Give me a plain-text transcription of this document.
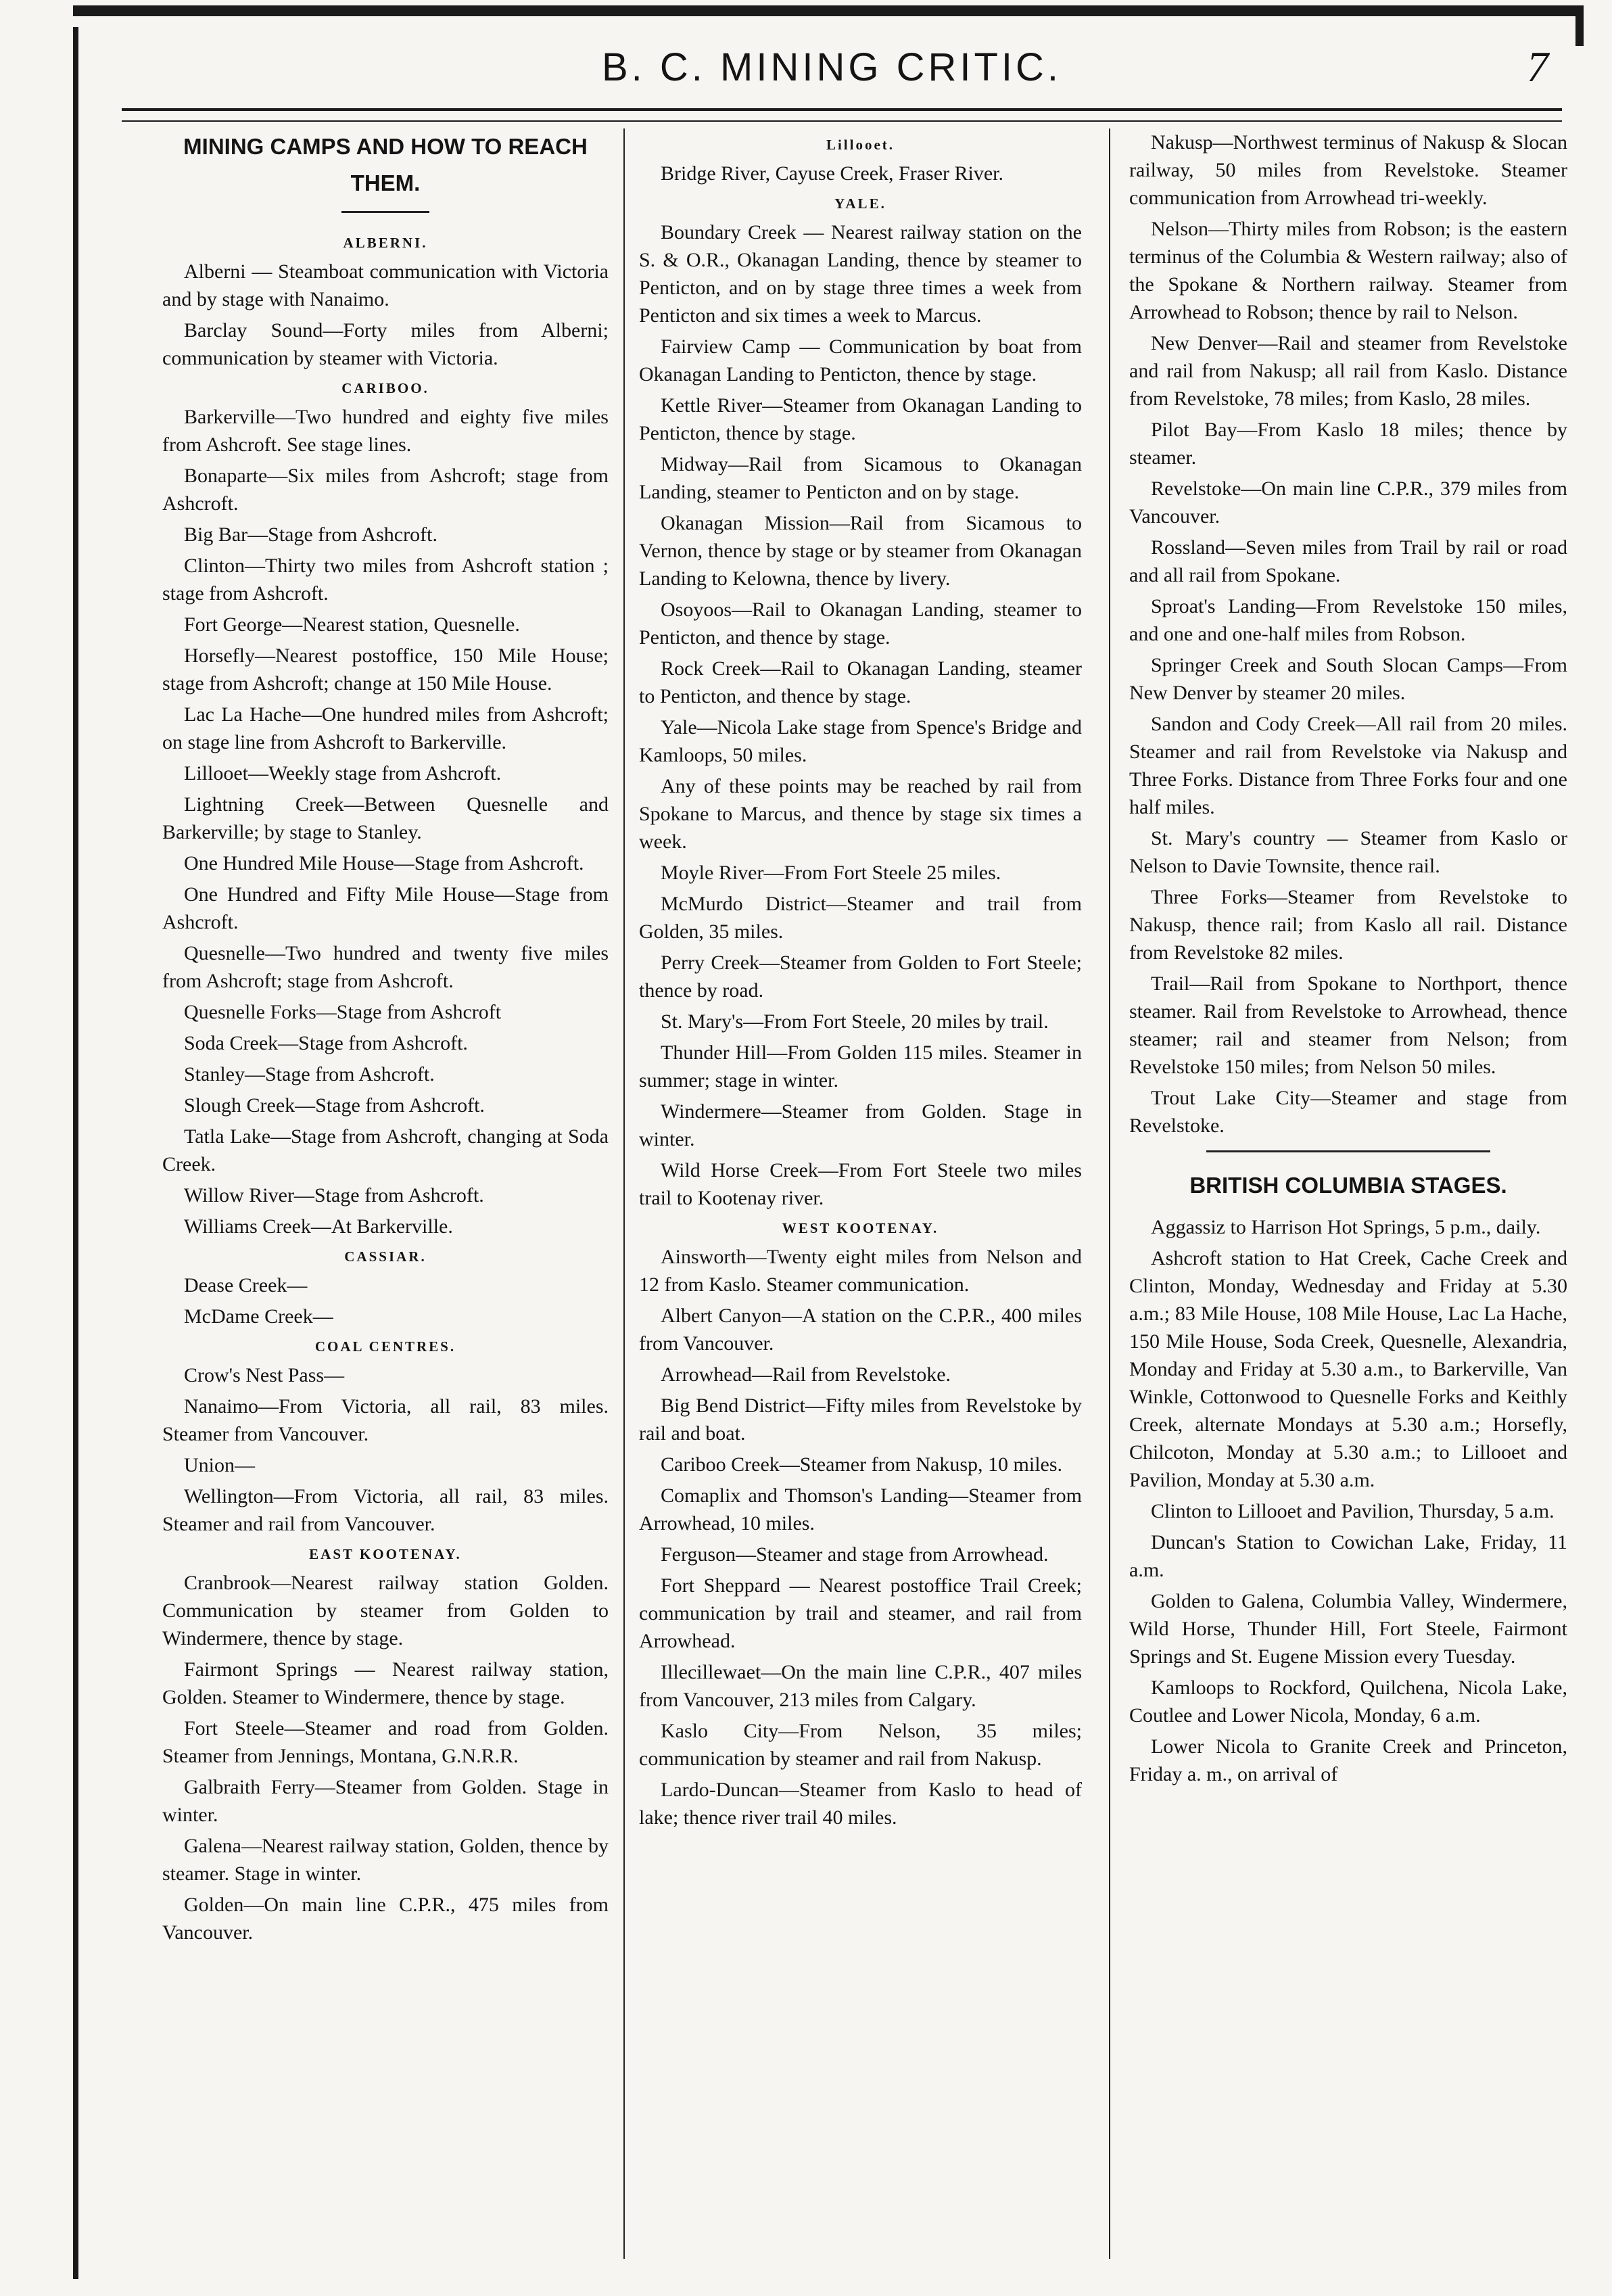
B. C. MINING CRITIC.	7
MINING CAMPS AND HOW TO REACH THEM.
ALBERNI.

Alberni — Steamboat communication with Victoria and by stage with Nanaimo.

Barclay Sound—Forty miles from Alberni; communication by steamer with Victoria.

CARIBOO.

Barkerville—Two hundred and eighty five miles from Ashcroft. See stage lines.

Bonaparte—Six miles from Ashcroft; stage from Ashcroft.

Big Bar—Stage from Ashcroft.

Clinton—Thirty two miles from Ashcroft station ; stage from Ashcroft.

Fort George—Nearest station, Quesnelle.

Horsefly—Nearest postoffice, 150 Mile House; stage from Ashcroft; change at 150 Mile House.

Lac La Hache—One hundred miles from Ashcroft; on stage line from Ashcroft to Barkerville.

Lillooet—Weekly stage from Ashcroft.

Lightning Creek—Between Quesnelle and Barkerville; by stage to Stanley.

One Hundred Mile House—Stage from Ashcroft.

One Hundred and Fifty Mile House—Stage from Ashcroft.

Quesnelle—Two hundred and twenty five miles from Ashcroft; stage from Ashcroft.

Quesnelle Forks—Stage from Ashcroft

Soda Creek—Stage from Ashcroft.

Stanley—Stage from Ashcroft.

Slough Creek—Stage from Ashcroft.

Tatla Lake—Stage from Ashcroft, changing at Soda Creek.

Willow River—Stage from Ashcroft.

Williams Creek—At Barkerville.

CASSIAR.

Dease Creek—

McDame Creek—

COAL CENTRES.

Crow's Nest Pass—

Nanaimo—From Victoria, all rail, 83 miles. Steamer from Vancouver.

Union—

Wellington—From Victoria, all rail, 83 miles. Steamer and rail from Vancouver.

EAST KOOTENAY.

Cranbrook—Nearest railway station Golden. Communication by steamer from Golden to Windermere, thence by stage.

Fairmont Springs — Nearest railway station, Golden. Steamer to Windermere, thence by stage.

Fort Steele—Steamer and road from Golden. Steamer from Jennings, Montana, G.N.R.R.

Galbraith Ferry—Steamer from Golden. Stage in winter.

Galena—Nearest railway station, Golden, thence by steamer. Stage in winter.

Golden—On main line C.P.R., 475 miles from Vancouver.

Lillooet.

Bridge River, Cayuse Creek, Fraser River.

YALE.

Boundary Creek — Nearest railway station on the S. & O.R., Okanagan Landing, thence by steamer to Penticton, and on by stage three times a week from Penticton and six times a week to Marcus.

Fairview Camp — Communication by boat from Okanagan Landing to Penticton, thence by stage.

Kettle River—Steamer from Okanagan Landing to Penticton, thence by stage.

Midway—Rail from Sicamous to Okanagan Landing, steamer to Penticton and on by stage.

Okanagan Mission—Rail from Sicamous to Vernon, thence by stage or by steamer from Okanagan Landing to Kelowna, thence by livery.

Osoyoos—Rail to Okanagan Landing, steamer to Penticton, and thence by stage.

Rock Creek—Rail to Okanagan Landing, steamer to Penticton, and thence by stage.

Yale—Nicola Lake stage from Spence's Bridge and Kamloops, 50 miles.

Any of these points may be reached by rail from Spokane to Marcus, and thence by stage six times a week.

Moyle River—From Fort Steele 25 miles.

McMurdo District—Steamer and trail from Golden, 35 miles.

Perry Creek—Steamer from Golden to Fort Steele; thence by road.

St. Mary's—From Fort Steele, 20 miles by trail.

Thunder Hill—From Golden 115 miles. Steamer in summer; stage in winter.

Windermere—Steamer from Golden. Stage in winter.

Wild Horse Creek—From Fort Steele two miles trail to Kootenay river.

WEST KOOTENAY.

Ainsworth—Twenty eight miles from Nelson and 12 from Kaslo. Steamer communication.

Albert Canyon—A station on the C.P.R., 400 miles from Vancouver.

Arrowhead—Rail from Revelstoke.

Big Bend District—Fifty miles from Revelstoke by rail and boat.

Cariboo Creek—Steamer from Nakusp, 10 miles.

Comaplix and Thomson's Landing—Steamer from Arrowhead, 10 miles.

Ferguson—Steamer and stage from Arrowhead.

Fort Sheppard — Nearest postoffice Trail Creek; communication by trail and steamer, and rail from Arrowhead.

Illecillewaet—On the main line C.P.R., 407 miles from Vancouver, 213 miles from Calgary.

Kaslo City—From Nelson, 35 miles; communication by steamer and rail from Nakusp.

Lardo-Duncan—Steamer from Kaslo to head of lake; thence river trail 40 miles.

Nakusp—Northwest terminus of Nakusp & Slocan railway, 50 miles from Revelstoke. Steamer communication from Arrowhead tri-weekly.

Nelson—Thirty miles from Robson; is the eastern terminus of the Columbia & Western railway; also of the Spokane & Northern railway. Steamer from Arrowhead to Robson; thence by rail to Nelson.

New Denver—Rail and steamer from Revelstoke and rail from Nakusp; all rail from Kaslo. Distance from Revelstoke, 78 miles; from Kaslo, 28 miles.

Pilot Bay—From Kaslo 18 miles; thence by steamer.

Revelstoke—On main line C.P.R., 379 miles from Vancouver.

Rossland—Seven miles from Trail by rail or road and all rail from Spokane.

Sproat's Landing—From Revelstoke 150 miles, and one and one-half miles from Robson.

Springer Creek and South Slocan Camps—From New Denver by steamer 20 miles.

Sandon and Cody Creek—All rail from 20 miles. Steamer and rail from Revelstoke via Nakusp and Three Forks. Distance from Three Forks four and one half miles.

St. Mary's country — Steamer from Kaslo or Nelson to Davie Townsite, thence rail.

Three Forks—Steamer from Revelstoke to Nakusp, thence rail; from Kaslo all rail. Distance from Revelstoke 82 miles.

Trail—Rail from Spokane to Northport, thence steamer. Rail from Revelstoke to Arrowhead, thence steamer; rail and steamer from Nelson; from Revelstoke 150 miles; from Nelson 50 miles.

Trout Lake City—Steamer and stage from Revelstoke.

BRITISH COLUMBIA STAGES.

Aggassiz to Harrison Hot Springs, 5 p.m., daily.

Ashcroft station to Hat Creek, Cache Creek and Clinton, Monday, Wednesday and Friday at 5.30 a.m.; 83 Mile House, 108 Mile House, Lac La Hache, 150 Mile House, Soda Creek, Quesnelle, Alexandria, Monday and Friday at 5.30 a.m., to Barkerville, Van Winkle, Cottonwood to Quesnelle Forks and Keithly Creek, alternate Mondays at 5.30 a.m.; Horsefly, Chilcoton, Monday at 5.30 a.m.; to Lillooet and Pavilion, Monday at 5.30 a.m.

Clinton to Lillooet and Pavilion, Thursday, 5 a.m.

Duncan's Station to Cowichan Lake, Friday, 11 a.m.

Golden to Galena, Columbia Valley, Windermere, Wild Horse, Thunder Hill, Fort Steele, Fairmont Springs and St. Eugene Mission every Tuesday.

Kamloops to Rockford, Quilchena, Nicola Lake, Coutlee and Lower Nicola, Monday, 6 a.m.

Lower Nicola to Granite Creek and Princeton, Friday a. m., on arrival of
